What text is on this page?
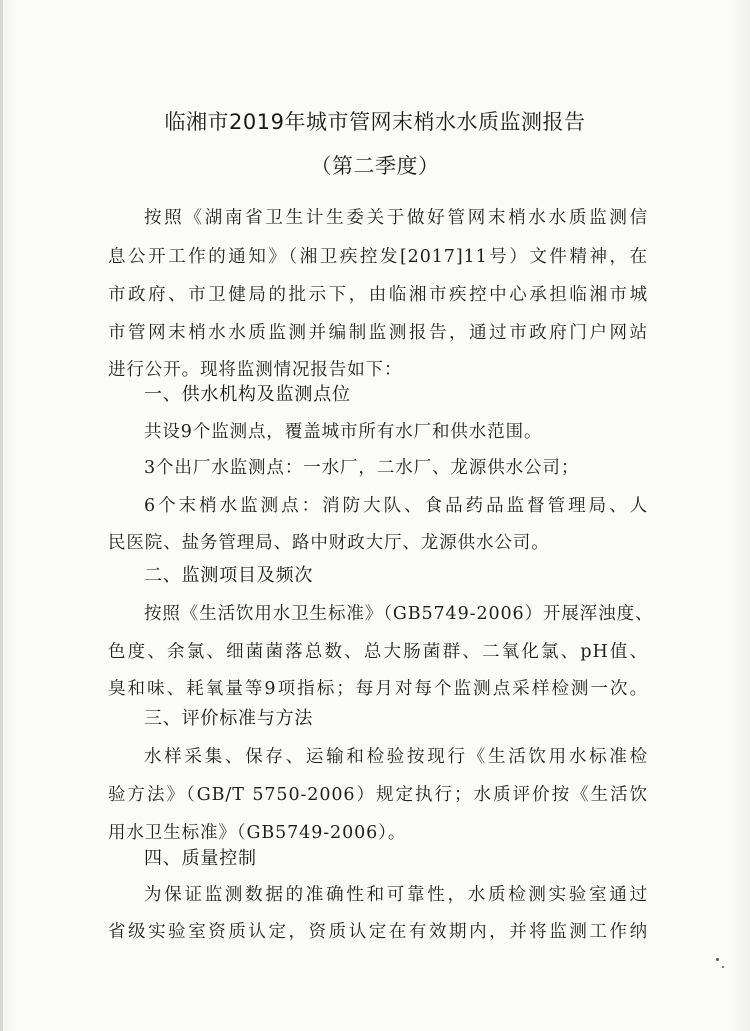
临湘市2019年城市管网末梢水水质监测报告
（第二季度）
按照《湖南省卫生计生委关于做好管网末梢水水质监测信
息公开工作的通知》（湘卫疾控发[2017]11号）文件精神，在
市政府、市卫健局的批示下，由临湘市疾控中心承担临湘市城
市管网末梢水水质监测并编制监测报告，通过市政府门户网站
进行公开。现将监测情况报告如下：
一、供水机构及监测点位
共设9个监测点，覆盖城市所有水厂和供水范围。
3个出厂水监测点：一水厂，二水厂、龙源供水公司；
6个末梢水监测点：消防大队、食品药品监督管理局、人
民医院、盐务管理局、路中财政大厅、龙源供水公司。
二、监测项目及频次
按照《生活饮用水卫生标准》（GB5749-2006）开展浑浊度、
色度、余氯、细菌菌落总数、总大肠菌群、二氧化氯、pH值、
臭和味、耗氧量等9项指标；每月对每个监测点采样检测一次。
三、评价标准与方法
水样采集、保存、运输和检验按现行《生活饮用水标准检
验方法》（GB/T 5750-2006）规定执行；水质评价按《生活饮
用水卫生标准》（GB5749-2006）。
四、质量控制
为保证监测数据的准确性和可靠性，水质检测实验室通过
省级实验室资质认定，资质认定在有效期内，并将监测工作纳
